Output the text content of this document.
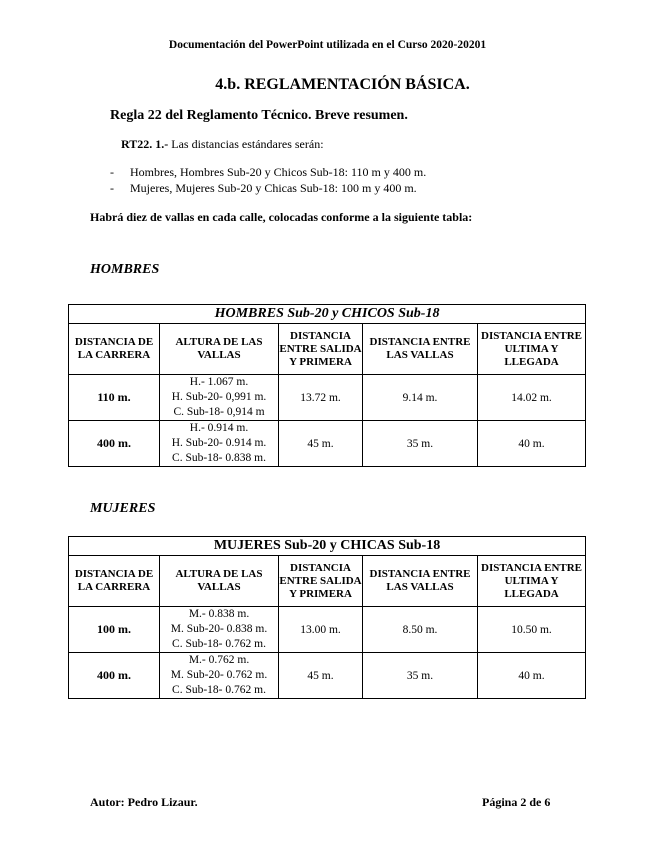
Documentación del PowerPoint utilizada en el Curso 2020-20201
4.b. REGLAMENTACIÓN BÁSICA.
Regla 22 del Reglamento Técnico. Breve resumen.
RT22. 1.- Las distancias estándares serán:
-	Hombres, Hombres Sub-20 y Chicos Sub-18: 110 m y 400 m.
-	Mujeres, Mujeres Sub-20 y Chicas Sub-18: 100 m y 400 m.
Habrá diez de vallas en cada calle, colocadas conforme a la siguiente tabla:
HOMBRES
HOMBRES Sub-20 y CHICOS Sub-18				
DISTANCIA DE LA CARRERA	ALTURA DE LAS VALLAS	DISTANCIA ENTRE SALIDA Y PRIMERA	DISTANCIA ENTRE LAS VALLAS	DISTANCIA ENTRE ULTIMA Y LLEGADA
110 m.	H.- 1.067 m.
H. Sub-20- 0,991 m.
C. Sub-18- 0,914 m	13.72 m.	9.14 m.	14.02 m.
400 m.	H.- 0.914 m.
H. Sub-20- 0.914 m.
C. Sub-18- 0.838 m.	45 m.	35 m.	40 m.
MUJERES
MUJERES Sub-20 y CHICAS Sub-18				
DISTANCIA DE LA CARRERA	ALTURA DE LAS VALLAS	DISTANCIA ENTRE SALIDA Y PRIMERA	DISTANCIA ENTRE LAS VALLAS	DISTANCIA ENTRE ULTIMA Y LLEGADA
100 m.	M.- 0.838 m.
M. Sub-20- 0.838 m.
C. Sub-18- 0.762 m.	13.00 m.	8.50 m.	10.50 m.
400 m.	M.- 0.762 m.
M. Sub-20- 0.762 m.
C. Sub-18- 0.762 m.	45 m.	35 m.	40 m.
Autor: Pedro Lizaur.	Página 2 de 6
